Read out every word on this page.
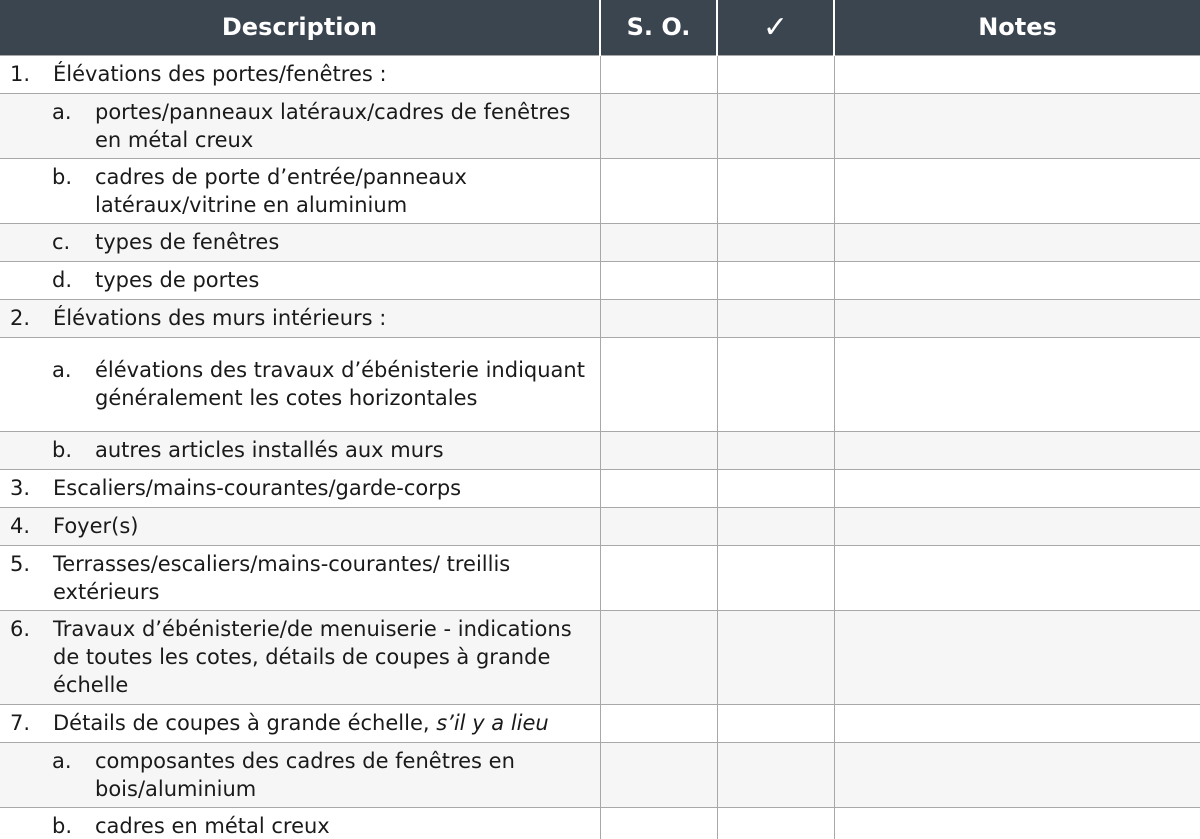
Description	S. O.	✓	Notes

1. Élévations des portes/fenêtres :			

a. portes/panneaux latéraux/cadres de fenêtres en métal creux			

b. cadres de porte d’entrée/panneaux latéraux/vitrine en aluminium			

c. types de fenêtres			

d. types de portes			

2. Élévations des murs intérieurs :			

a. élévations des travaux d’ébénisterie indiquant généralement les cotes horizontales			

b. autres articles installés aux murs			

3. Escaliers/mains-courantes/garde-corps			

4. Foyer(s)			

5. Terrasses/escaliers/mains-courantes/ treillis extérieurs			

6. Travaux d’ébénisterie/de menuiserie - indications de toutes les cotes, détails de coupes à grande échelle			

7. Détails de coupes à grande échelle, s’il y a lieu			

a. composantes des cadres de fenêtres en bois/aluminium			

b. cadres en métal creux			
